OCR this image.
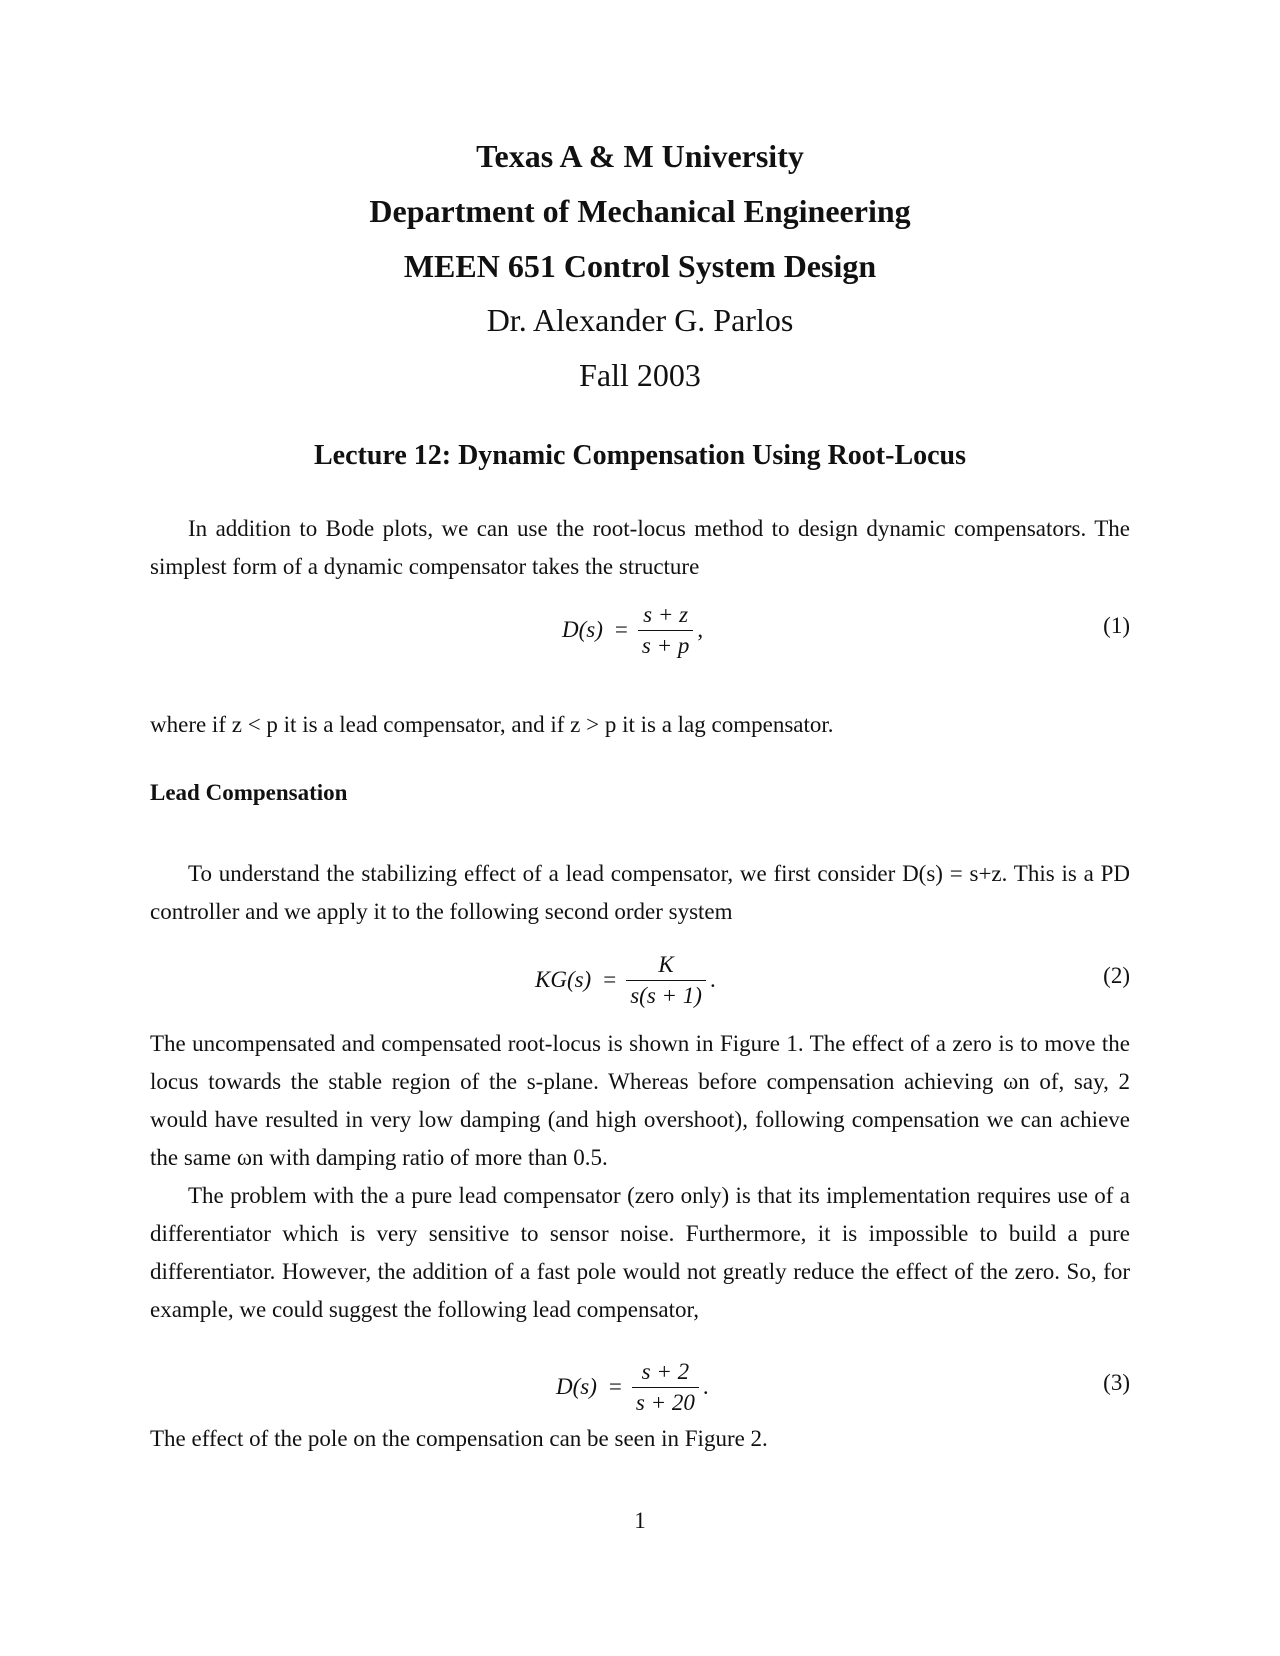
Texas A & M University
Department of Mechanical Engineering
MEEN 651 Control System Design
Dr. Alexander G. Parlos
Fall 2003
Lecture 12: Dynamic Compensation Using Root-Locus
In addition to Bode plots, we can use the root-locus method to design dynamic compensators. The simplest form of a dynamic compensator takes the structure
$D(s) = \frac{s + z}{s + p}$ ,	(1)
where if z < p it is a lead compensator, and if z > p it is a lag compensator.
Lead Compensation
To understand the stabilizing effect of a lead compensator, we first consider D(s) = s+z. This is a PD controller and we apply it to the following second order system
$KG(s) = \frac{K}{s(s + 1)}$ .	(2)
The uncompensated and compensated root-locus is shown in Figure 1. The effect of a zero is to move the locus towards the stable region of the s-plane. Whereas before compensation achieving ωn of, say, 2 would have resulted in very low damping (and high overshoot), following compensation we can achieve the same ωn with damping ratio of more than 0.5.
The problem with the a pure lead compensator (zero only) is that its implementation requires use of a differentiator which is very sensitive to sensor noise. Furthermore, it is impossible to build a pure differentiator. However, the addition of a fast pole would not greatly reduce the effect of the zero. So, for example, we could suggest the following lead compensator,
$D(s) = \frac{s + 2}{s + 20}$ .	(3)
The effect of the pole on the compensation can be seen in Figure 2.
1
